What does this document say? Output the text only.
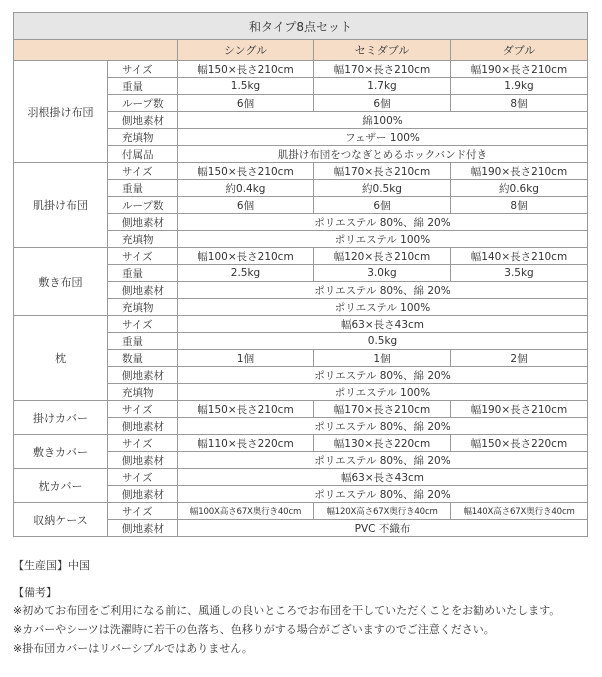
和タイプ8点セット				
		シングル	セミダブル	ダブル
羽根掛け布団	サイズ	幅150×長さ210cm	幅170×長さ210cm	幅190×長さ210cm
	重量	1.5kg	1.7kg	1.9kg
	ループ数	6個	6個	8個
	側地素材	綿100%		
	充填物	フェザー 100%		
	付属品	肌掛け布団をつなぎとめるホックバンド付き		
肌掛け布団	サイズ	幅150×長さ210cm	幅170×長さ210cm	幅190×長さ210cm
	重量	約0.4kg	約0.5kg	約0.6kg
	ループ数	6個	6個	8個
	側地素材	ポリエステル 80%、綿 20%		
	充填物	ポリエステル 100%		
敷き布団	サイズ	幅100×長さ210cm	幅120×長さ210cm	幅140×長さ210cm
	重量	2.5kg	3.0kg	3.5kg
	側地素材	ポリエステル 80%、綿 20%		
	充填物	ポリエステル 100%		
枕	サイズ	幅63×長さ43cm		
	重量	0.5kg		
	数量	1個	1個	2個
	側地素材	ポリエステル 80%、綿 20%		
	充填物	ポリエステル 100%		
掛けカバー	サイズ	幅150×長さ210cm	幅170×長さ210cm	幅190×長さ210cm
	側地素材	ポリエステル 80%、綿 20%		
敷きカバー	サイズ	幅110×長さ220cm	幅130×長さ220cm	幅150×長さ220cm
	側地素材	ポリエステル 80%、綿 20%		
枕カバー	サイズ	幅63×長さ43cm		
	側地素材	ポリエステル 80%、綿 20%		
収納ケース	サイズ	幅100X高さ67X奥行き40cm	幅120X高さ67X奥行き40cm	幅140X高さ67X奥行き40cm
	側地素材	PVC 不織布		
【生産国】中国
【備考】
※初めてお布団をご利用になる前に、風通しの良いところでお布団を干していただくことをお勧めいたします。
※カバーやシーツは洗濯時に若干の色落ち、色移りがする場合がございますのでご注意ください。
※掛布団カバーはリバーシブルではありません。
